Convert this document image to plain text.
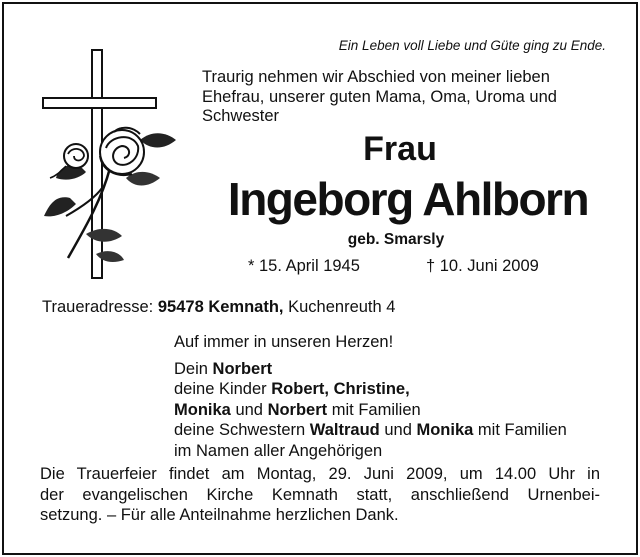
Ein Leben voll Liebe und Güte ging zu Ende.
Traurig nehmen wir Abschied von meiner lieben
Ehefrau, unserer guten Mama, Oma, Uroma und
Schwester
Frau
Ingeborg Ahlborn
geb. Smarsly
* 15. April 1945	† 10. Juni 2009
Traueradresse: 95478 Kemnath, Kuchenreuth 4
Auf immer in unseren Herzen!
Dein Norbert
deine Kinder Robert, Christine,
Monika und Norbert mit Familien
deine Schwestern Waltraud und Monika mit Familien
im Namen aller Angehörigen
Die Trauerfeier findet am Montag, 29. Juni 2009, um 14.00 Uhr in
der evangelischen Kirche Kemnath statt, anschließend Urnenbei-
setzung. – Für alle Anteilnahme herzlichen Dank.
